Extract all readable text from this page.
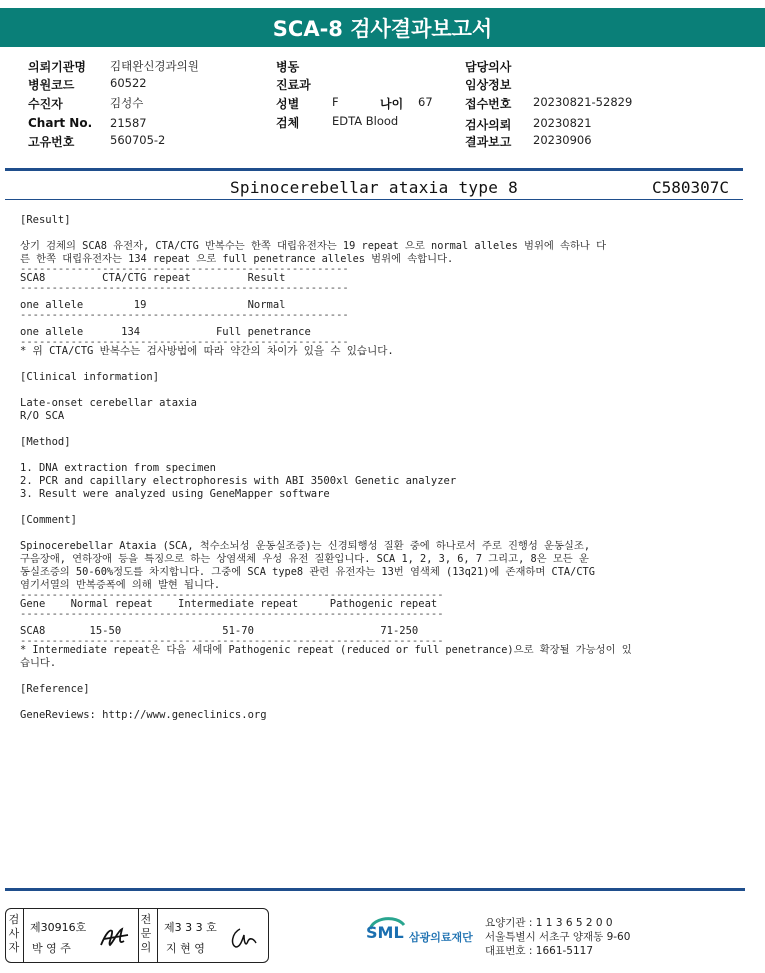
SCA-8 검사결과보고서
의뢰기관명 김태완신경과의원
병원코드	60522
수진자	김성수
Chart No. 21587
고유번호	560705-2
병동
진료과
성별	F	나이 67
검체	EDTA Blood
담당의사
임상정보
접수번호 20230821-52829
검사의뢰 20230821
결과보고 20230906
Spinocerebellar ataxia type 8	C580307C
[Result]
상기 검체의 SCA8 유전자, CTA/CTG 반복수는 한쪽 대립유전자는 19 repeat 으로 normal alleles 범위에 속하나 다
른 한쪽 대립유전자는 134 repeat 으로 full penetrance alleles 범위에 속합니다.
----------------------------------------------------
SCA8         CTA/CTG repeat         Result
----------------------------------------------------
one allele        19                Normal
----------------------------------------------------
one allele      134            Full penetrance
----------------------------------------------------
* 위 CTA/CTG 반복수는 검사방법에 따라 약간의 차이가 있을 수 있습니다.
[Clinical information]
Late-onset cerebellar ataxia
R/O SCA
[Method]
1. DNA extraction from specimen
2. PCR and capillary electrophoresis with ABI 3500xl Genetic analyzer
3. Result were analyzed using GeneMapper software
[Comment]
Spinocerebellar Ataxia (SCA, 척수소뇌성 운동실조증)는 신경퇴행성 질환 중에 하나로서 주로 진행성 운동실조,
구음장애, 연하장애 등을 특징으로 하는 상염색체 우성 유전 질환입니다. SCA 1, 2, 3, 6, 7 그리고, 8은 모든 운
동실조증의 50-60%정도를 차지합니다. 그중에 SCA type8 관련 유전자는 13번 염색체 (13q21)에 존재하며 CTA/CTG
염기서열의 반복증폭에 의해 발현 됩니다.
-------------------------------------------------------------------
Gene    Normal repeat    Intermediate repeat     Pathogenic repeat
-------------------------------------------------------------------
SCA8       15-50                51-70                    71-250
-------------------------------------------------------------------
* Intermediate repeat은 다음 세대에 Pathogenic repeat (reduced or full penetrance)으로 확장될 가능성이 있
습니다.
[Reference]
GeneReviews: http://www.geneclinics.org
검사자
제30916호
박 영 주
전문의
제3 3 3 호
지 현 영
SML 삼광의료재단
요양기관 : 1 1 3 6 5 2 0 0
서울특별시 서초구 양재동 9-60
대표번호 : 1661-5117
